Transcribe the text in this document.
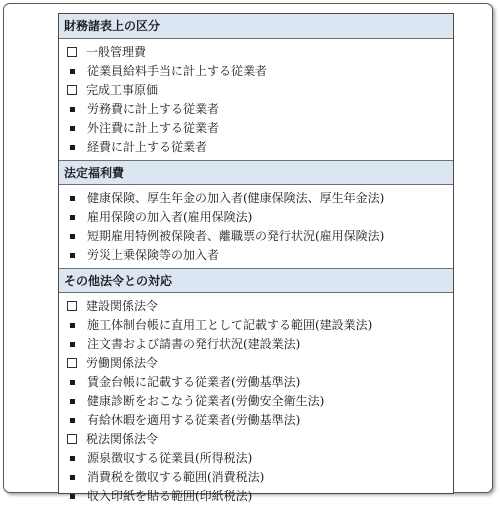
財務諸表上の区分
一般管理費
従業員給料手当に計上する従業者
完成工事原価
労務費に計上する従業者
外注費に計上する従業者
経費に計上する従業者
法定福利費
健康保険、厚生年金の加入者(健康保険法、厚生年金法)
雇用保険の加入者(雇用保険法)
短期雇用特例被保険者、離職票の発行状況(雇用保険法)
労災上乗保険等の加入者
その他法令との対応
建設関係法令
施工体制台帳に直用工として記載する範囲(建設業法)
注文書および請書の発行状況(建設業法)
労働関係法令
賃金台帳に記載する従業者(労働基準法)
健康診断をおこなう従業者(労働安全衛生法)
有給休暇を適用する従業者(労働基準法)
税法関係法令
源泉徴収する従業員(所得税法)
消費税を徴収する範囲(消費税法)
収入印紙を貼る範囲(印紙税法)
